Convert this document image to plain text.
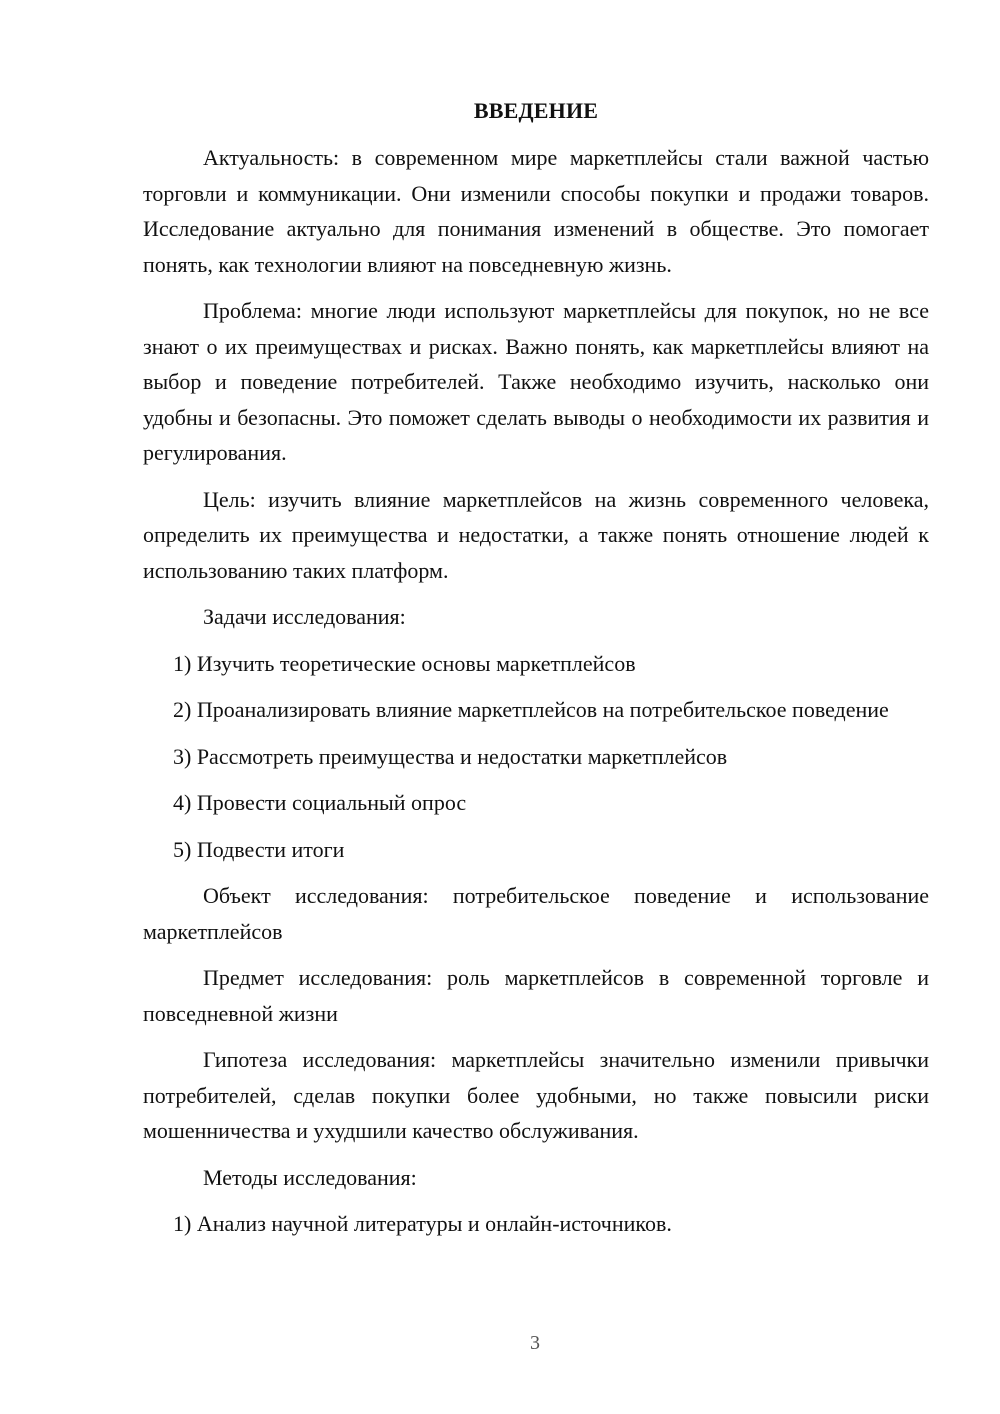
ВВЕДЕНИЕ

Актуальность: в современном мире маркетплейсы стали важной частью торговли и коммуникации. Они изменили способы покупки и продажи товаров. Исследование актуально для понимания изменений в обществе. Это помогает понять, как технологии влияют на повседневную жизнь.

Проблема: многие люди используют маркетплейсы для покупок, но не все знают о их преимуществах и рисках. Важно понять, как маркетплейсы влияют на выбор и поведение потребителей. Также необходимо изучить, насколько они удобны и безопасны. Это поможет сделать выводы о необходимости их развития и регулирования.

Цель: изучить влияние маркетплейсов на жизнь современного человека, определить их преимущества и недостатки, а также понять отношение людей к использованию таких платформ.

Задачи исследования:

1) Изучить теоретические основы маркетплейсов

2) Проанализировать влияние маркетплейсов на потребительское поведение

3) Рассмотреть преимущества и недостатки маркетплейсов

4) Провести социальный опрос

5) Подвести итоги

Объект исследования: потребительское поведение и использование маркетплейсов

Предмет исследования: роль маркетплейсов в современной торговле и повседневной жизни

Гипотеза исследования: маркетплейсы значительно изменили привычки потребителей, сделав покупки более удобными, но также повысили риски мошенничества и ухудшили качество обслуживания.

Методы исследования:

1) Анализ научной литературы и онлайн-источников.

3
